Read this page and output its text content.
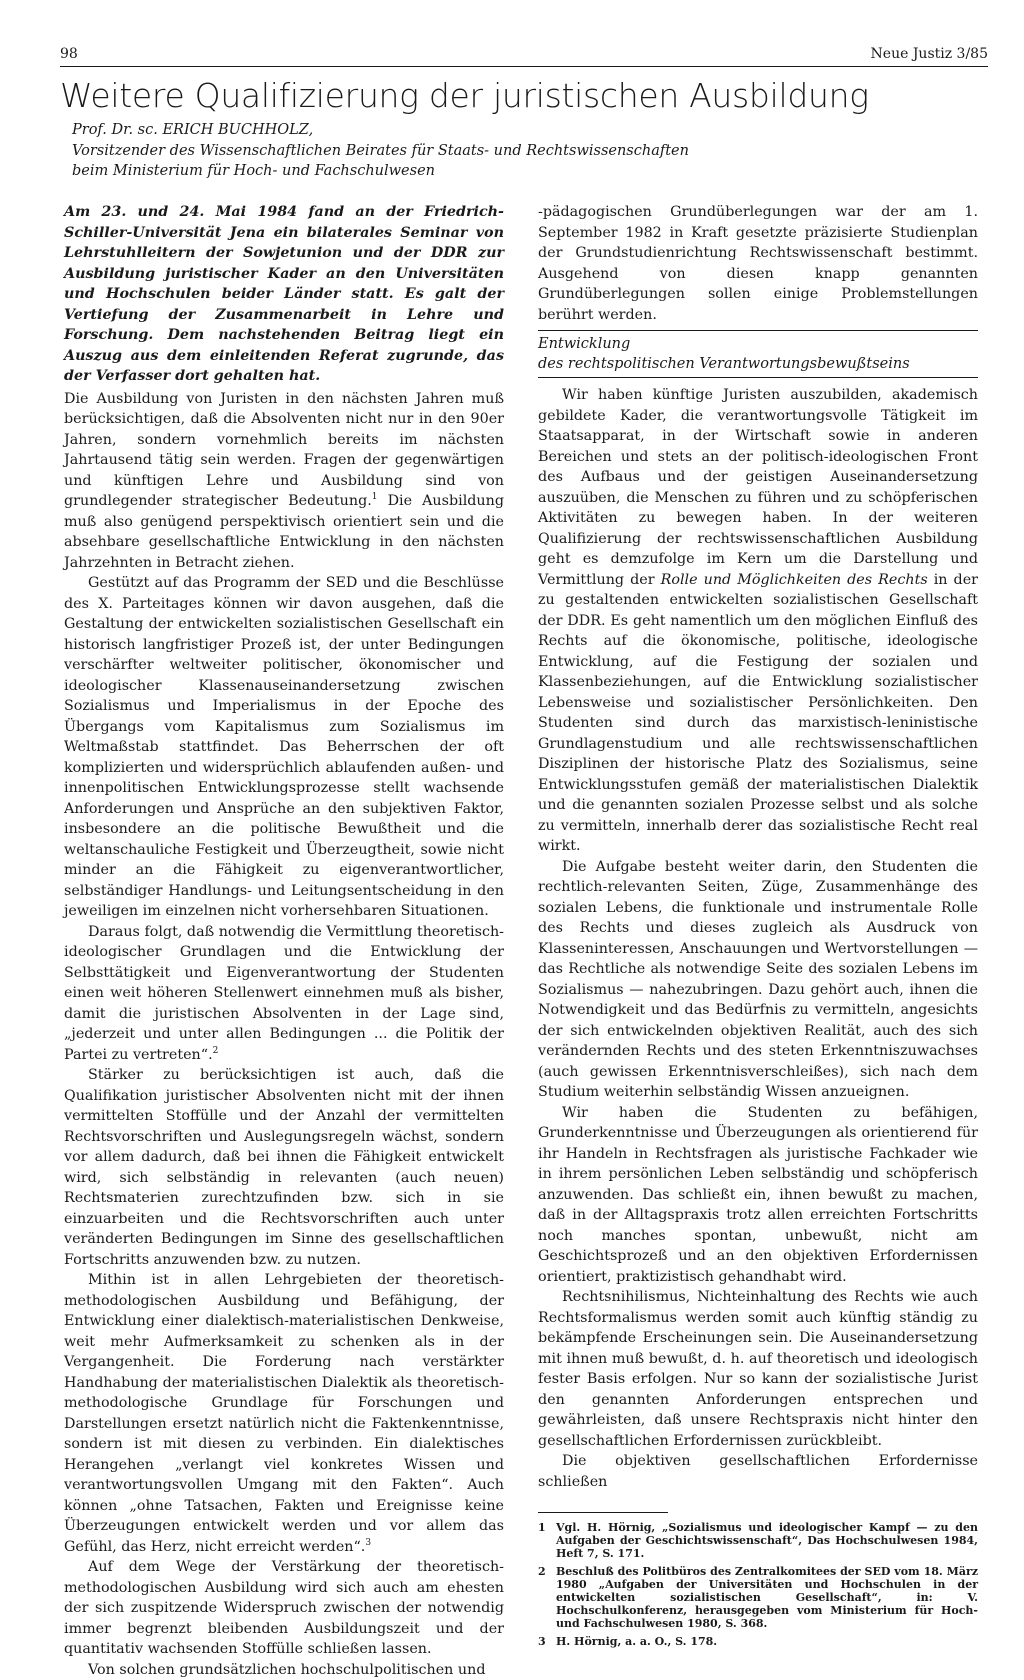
98	Neue Justiz 3/85
Weitere Qualifizierung der juristischen Ausbildung
Prof. Dr. sc. ERICH BUCHHOLZ,
Vorsitzender des Wissenschaftlichen Beirates für Staats- und Rechtswissenschaften
beim Ministerium für Hoch- und Fachschulwesen

Am 23. und 24. Mai 1984 fand an der Friedrich-Schiller-Universität Jena ein bilaterales Seminar von Lehrstuhlleitern der Sowjetunion und der DDR zur Ausbildung juristischer Kader an den Universitäten und Hochschulen beider Länder statt. Es galt der Vertiefung der Zusammenarbeit in Lehre und Forschung. Dem nachstehenden Beitrag liegt ein Auszug aus dem einleitenden Referat zugrunde, das der Verfasser dort gehalten hat.

Die Ausbildung von Juristen in den nächsten Jahren muß berücksichtigen, daß die Absolventen nicht nur in den 90er Jahren, sondern vornehmlich bereits im nächsten Jahrtausend tätig sein werden. Fragen der gegenwärtigen und künftigen Lehre und Ausbildung sind von grundlegender strategischer Bedeutung.$^1$ Die Ausbildung muß also genügend perspektivisch orientiert sein und die absehbare gesellschaftliche Entwicklung in den nächsten Jahrzehnten in Betracht ziehen.

Gestützt auf das Programm der SED und die Beschlüsse des X. Parteitages können wir davon ausgehen, daß die Gestaltung der entwickelten sozialistischen Gesellschaft ein historisch langfristiger Prozeß ist, der unter Bedingungen verschärfter weltweiter politischer, ökonomischer und ideologischer Klassenauseinandersetzung zwischen Sozialismus und Imperialismus in der Epoche des Übergangs vom Kapitalismus zum Sozialismus im Weltmaßstab stattfindet. Das Beherrschen der oft komplizierten und widersprüchlich ablaufenden außen- und innenpolitischen Entwicklungsprozesse stellt wachsende Anforderungen und Ansprüche an den subjektiven Faktor, insbesondere an die politische Bewußtheit und die weltanschauliche Festigkeit und Überzeugtheit, sowie nicht minder an die Fähigkeit zu eigenverantwortlicher, selbständiger Handlungs- und Leitungsentscheidung in den jeweiligen im einzelnen nicht vorhersehbaren Situationen.

Daraus folgt, daß notwendig die Vermittlung theoretisch-ideologischer Grundlagen und die Entwicklung der Selbsttätigkeit und Eigenverantwortung der Studenten einen weit höheren Stellenwert einnehmen muß als bisher, damit die juristischen Absolventen in der Lage sind, „jederzeit und unter allen Bedingungen ... die Politik der Partei zu vertreten“.$^2$

Stärker zu berücksichtigen ist auch, daß die Qualifikation juristischer Absolventen nicht mit der ihnen vermittelten Stoffülle und der Anzahl der vermittelten Rechtsvorschriften und Auslegungsregeln wächst, sondern vor allem dadurch, daß bei ihnen die Fähigkeit entwickelt wird, sich selbständig in relevanten (auch neuen) Rechtsmaterien zurechtzufinden bzw. sich in sie einzuarbeiten und die Rechtsvorschriften auch unter veränderten Bedingungen im Sinne des gesellschaftlichen Fortschritts anzuwenden bzw. zu nutzen.

Mithin ist in allen Lehrgebieten der theoretisch-methodologischen Ausbildung und Befähigung, der Entwicklung einer dialektisch-materialistischen Denkweise, weit mehr Aufmerksamkeit zu schenken als in der Vergangenheit. Die Forderung nach verstärkter Handhabung der materialistischen Dialektik als theoretisch-methodologische Grundlage für Forschungen und Darstellungen ersetzt natürlich nicht die Faktenkenntnisse, sondern ist mit diesen zu verbinden. Ein dialektisches Herangehen „verlangt viel konkretes Wissen und verantwortungsvollen Umgang mit den Fakten“. Auch können „ohne Tatsachen, Fakten und Ereignisse keine Überzeugungen entwickelt werden und vor allem das Gefühl, das Herz, nicht erreicht werden“.$^3$

Auf dem Wege der Verstärkung der theoretisch-methodologischen Ausbildung wird sich auch am ehesten der sich zuspitzende Widerspruch zwischen der notwendig immer begrenzt bleibenden Ausbildungszeit und der quantitativ wachsenden Stoffülle schließen lassen.

Von solchen grundsätzlichen hochschulpolitischen und

-pädagogischen Grundüberlegungen war der am 1. September 1982 in Kraft gesetzte präzisierte Studienplan der Grundstudienrichtung Rechtswissenschaft bestimmt. Ausgehend von diesen knapp genannten Grundüberlegungen sollen einige Problemstellungen berührt werden.

Entwicklung
des rechtspolitischen Verantwortungsbewußtseins

Wir haben künftige Juristen auszubilden, akademisch gebildete Kader, die verantwortungsvolle Tätigkeit im Staatsapparat, in der Wirtschaft sowie in anderen Bereichen und stets an der politisch-ideologischen Front des Aufbaus und der geistigen Auseinandersetzung auszuüben, die Menschen zu führen und zu schöpferischen Aktivitäten zu bewegen haben. In der weiteren Qualifizierung der rechtswissenschaftlichen Ausbildung geht es demzufolge im Kern um die Darstellung und Vermittlung der Rolle und Möglichkeiten des Rechts in der zu gestaltenden entwickelten sozialistischen Gesellschaft der DDR. Es geht namentlich um den möglichen Einfluß des Rechts auf die ökonomische, politische, ideologische Entwicklung, auf die Festigung der sozialen und Klassenbeziehungen, auf die Entwicklung sozialistischer Lebensweise und sozialistischer Persönlichkeiten. Den Studenten sind durch das marxistisch-leninistische Grundlagenstudium und alle rechtswissenschaftlichen Disziplinen der historische Platz des Sozialismus, seine Entwicklungsstufen gemäß der materialistischen Dialektik und die genannten sozialen Prozesse selbst und als solche zu vermitteln, innerhalb derer das sozialistische Recht real wirkt.

Die Aufgabe besteht weiter darin, den Studenten die rechtlich-relevanten Seiten, Züge, Zusammenhänge des sozialen Lebens, die funktionale und instrumentale Rolle des Rechts und dieses zugleich als Ausdruck von Klasseninteressen, Anschauungen und Wertvorstellungen — das Rechtliche als notwendige Seite des sozialen Lebens im Sozialismus — nahezubringen. Dazu gehört auch, ihnen die Notwendigkeit und das Bedürfnis zu vermitteln, angesichts der sich entwickelnden objektiven Realität, auch des sich verändernden Rechts und des steten Erkenntniszuwachses (auch gewissen Erkenntnisverschleißes), sich nach dem Studium weiterhin selbständig Wissen anzueignen.

Wir haben die Studenten zu befähigen, Grunderkenntnisse und Überzeugungen als orientierend für ihr Handeln in Rechtsfragen als juristische Fachkader wie in ihrem persönlichen Leben selbständig und schöpferisch anzuwenden. Das schließt ein, ihnen bewußt zu machen, daß in der Alltagspraxis trotz allen erreichten Fortschritts noch manches spontan, unbewußt, nicht am Geschichtsprozeß und an den objektiven Erfordernissen orientiert, praktizistisch gehandhabt wird.

Rechtsnihilismus, Nichteinhaltung des Rechts wie auch Rechtsformalismus werden somit auch künftig ständig zu bekämpfende Erscheinungen sein. Die Auseinandersetzung mit ihnen muß bewußt, d. h. auf theoretisch und ideologisch fester Basis erfolgen. Nur so kann der sozialistische Jurist den genannten Anforderungen entsprechen und gewährleisten, daß unsere Rechtspraxis nicht hinter den gesellschaftlichen Erfordernissen zurückbleibt.

Die objektiven gesellschaftlichen Erfordernisse schließen

1 Vgl. H. Hörnig, „Sozialismus und ideologischer Kampf — zu den Aufgaben der Geschichtswissenschaft“, Das Hochschulwesen 1984, Heft 7, S. 171.
2 Beschluß des Politbüros des Zentralkomitees der SED vom 18. März 1980 „Aufgaben der Universitäten und Hochschulen in der entwickelten sozialistischen Gesellschaft“, in: V. Hochschulkonferenz, herausgegeben vom Ministerium für Hoch- und Fachschulwesen 1980, S. 368.
3 H. Hörnig, a. a. O., S. 178.
